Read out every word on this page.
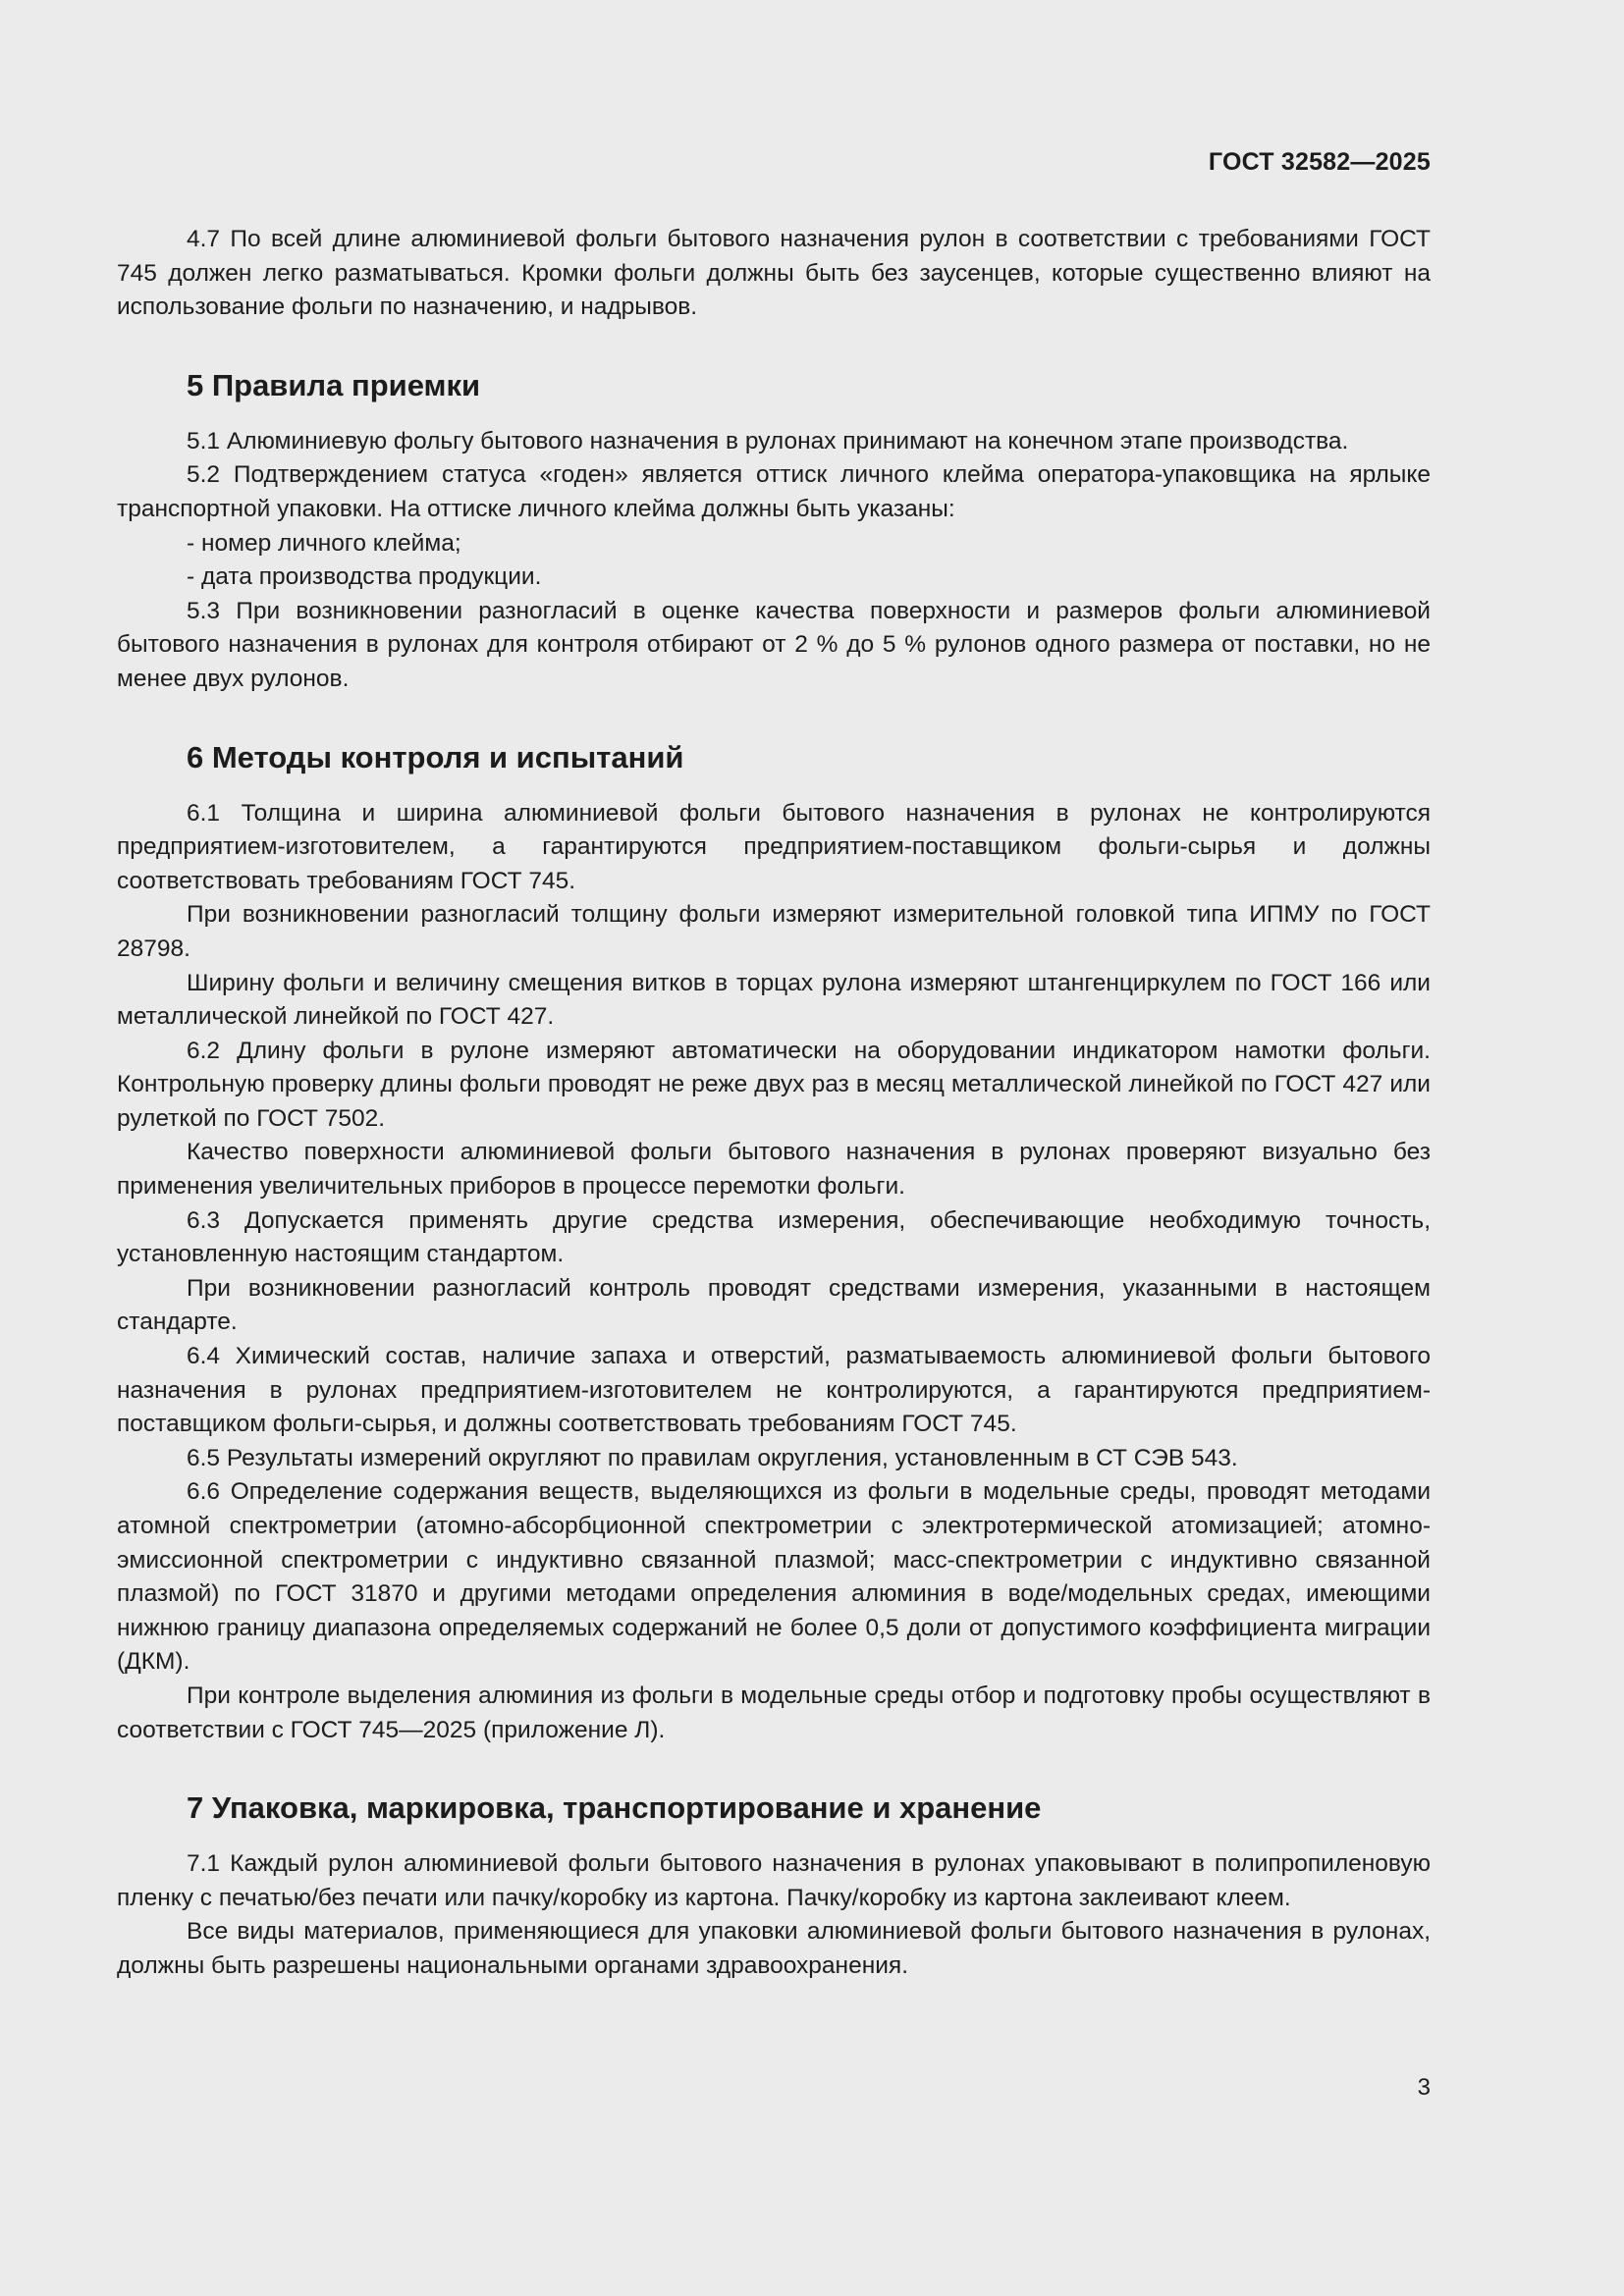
ГОСТ 32582—2025

4.7 По всей длине алюминиевой фольги бытового назначения рулон в соответствии с требованиями ГОСТ 745 должен легко разматываться. Кромки фольги должны быть без заусенцев, которые существенно влияют на использование фольги по назначению, и надрывов.

5 Правила приемки

5.1 Алюминиевую фольгу бытового назначения в рулонах принимают на конечном этапе производства.

5.2 Подтверждением статуса «годен» является оттиск личного клейма оператора-упаковщика на ярлыке транспортной упаковки. На оттиске личного клейма должны быть указаны:

- номер личного клейма;

- дата производства продукции.

5.3 При возникновении разногласий в оценке качества поверхности и размеров фольги алюминиевой бытового назначения в рулонах для контроля отбирают от 2 % до 5 % рулонов одного размера от поставки, но не менее двух рулонов.

6 Методы контроля и испытаний

6.1 Толщина и ширина алюминиевой фольги бытового назначения в рулонах не контролируются предприятием-изготовителем, а гарантируются предприятием-поставщиком фольги-сырья и должны соответствовать требованиям ГОСТ 745.

При возникновении разногласий толщину фольги измеряют измерительной головкой типа ИПМУ по ГОСТ 28798.

Ширину фольги и величину смещения витков в торцах рулона измеряют штангенциркулем по ГОСТ 166 или металлической линейкой по ГОСТ 427.

6.2 Длину фольги в рулоне измеряют автоматически на оборудовании индикатором намотки фольги. Контрольную проверку длины фольги проводят не реже двух раз в месяц металлической линейкой по ГОСТ 427 или рулеткой по ГОСТ 7502.

Качество поверхности алюминиевой фольги бытового назначения в рулонах проверяют визуально без применения увеличительных приборов в процессе перемотки фольги.

6.3 Допускается применять другие средства измерения, обеспечивающие необходимую точность, установленную настоящим стандартом.

При возникновении разногласий контроль проводят средствами измерения, указанными в настоящем стандарте.

6.4 Химический состав, наличие запаха и отверстий, разматываемость алюминиевой фольги бытового назначения в рулонах предприятием-изготовителем не контролируются, а гарантируются предприятием-поставщиком фольги-сырья, и должны соответствовать требованиям ГОСТ 745.

6.5 Результаты измерений округляют по правилам округления, установленным в СТ СЭВ 543.

6.6 Определение содержания веществ, выделяющихся из фольги в модельные среды, проводят методами атомной спектрометрии (атомно-абсорбционной спектрометрии с электротермической атомизацией; атомно-эмиссионной спектрометрии с индуктивно связанной плазмой; масс-спектрометрии с индуктивно связанной плазмой) по ГОСТ 31870 и другими методами определения алюминия в воде/модельных средах, имеющими нижнюю границу диапазона определяемых содержаний не более 0,5 доли от допустимого коэффициента миграции (ДКМ).

При контроле выделения алюминия из фольги в модельные среды отбор и подготовку пробы осуществляют в соответствии с ГОСТ 745—2025 (приложение Л).

7 Упаковка, маркировка, транспортирование и хранение

7.1 Каждый рулон алюминиевой фольги бытового назначения в рулонах упаковывают в полипропиленовую пленку с печатью/без печати или пачку/коробку из картона. Пачку/коробку из картона заклеивают клеем.

Все виды материалов, применяющиеся для упаковки алюминиевой фольги бытового назначения в рулонах, должны быть разрешены национальными органами здравоохранения.

3
